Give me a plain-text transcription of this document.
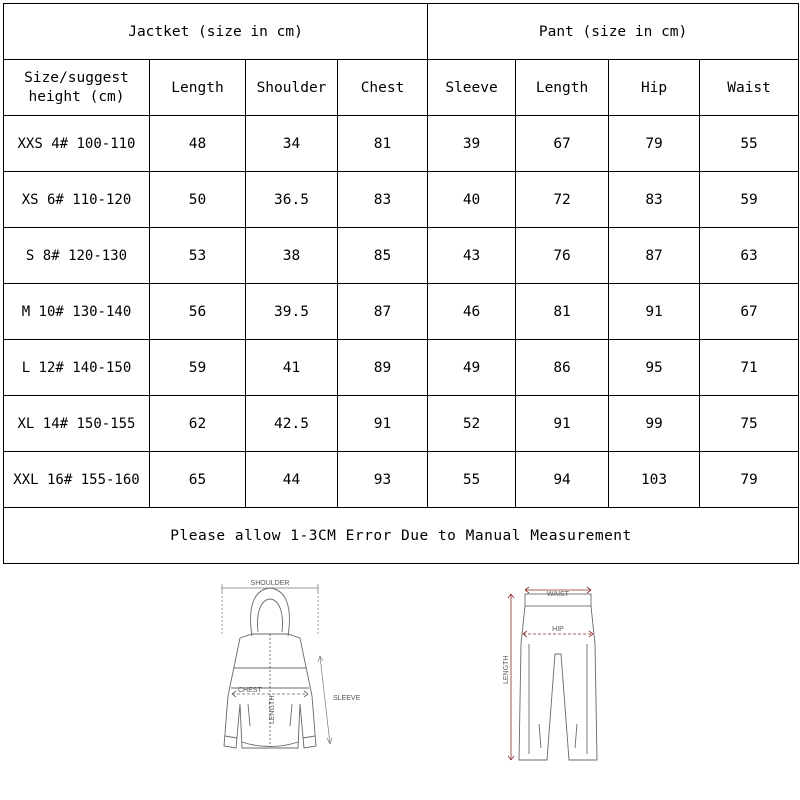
Jactket (size in cm)				Pant (size in cm)			

Size/suggest
height (cm)	Length	Shoulder	Chest	Sleeve	Length	Hip	Waist
XXS 4# 100-110	48	34	81	39	67	79	55
XS 6# 110-120	50	36.5	83	40	72	83	59
S 8# 120-130	53	38	85	43	76	87	63
M 10# 130-140	56	39.5	87	46	81	91	67
L 12# 140-150	59	41	89	49	86	95	71
XL 14# 150-155	62	42.5	91	52	91	99	75
XXL 16# 155-160	65	44	93	55	94	103	79
Please allow 1-3CM Error Due to Manual Measurement							
SHOULDER
CHEST
SLEEVE
LENGTH
WAIST
HIP
LENGTH
